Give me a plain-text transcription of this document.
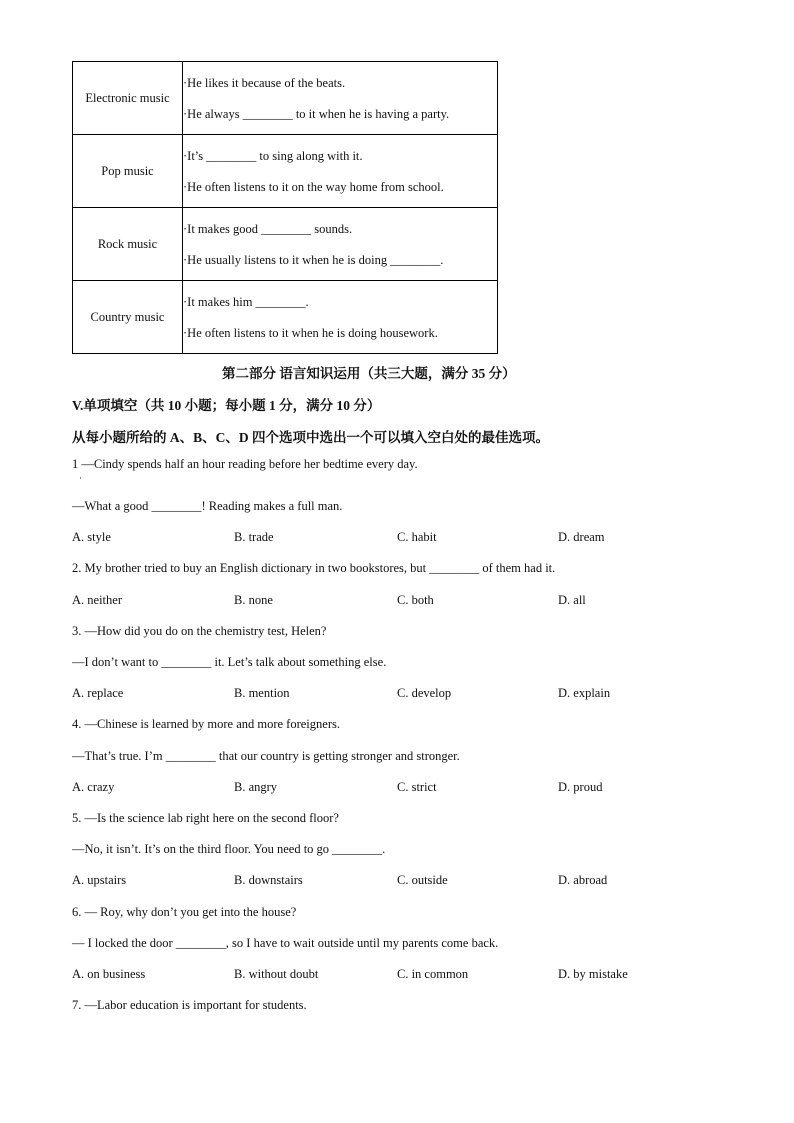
Electronic music	·He likes it because of the beats.
·He always ________ to it when he is having a party.

Pop music	·It’s ________ to sing along with it.
·He often listens to it on the way home from school.

Rock music	·It makes good ________ sounds.
·He usually listens to it when he is doing ________.

Country music	·It makes him ________.
·He often listens to it when he is doing housework.
第二部分 语言知识运用（共三大题，满分 35 分）
V.单项填空（共 10 小题；每小题 1 分，满分 10 分）
从每小题所给的 A、B、C、D 四个选项中选出一个可以填入空白处的最佳选项。
1 —Cindy spends half an hour reading before her bedtime every day.
·
—What a good ________! Reading makes a full man.
A. style	B. trade	C. habit	D. dream
2. My brother tried to buy an English dictionary in two bookstores, but ________ of them had it.
A. neither	B. none	C. both	D. all
3. —How did you do on the chemistry test, Helen?
—I don’t want to ________ it. Let’s talk about something else.
A. replace	B. mention	C. develop	D. explain
4. —Chinese is learned by more and more foreigners.
—That’s true. I’m ________ that our country is getting stronger and stronger.
A. crazy	B. angry	C. strict	D. proud
5. —Is the science lab right here on the second floor?
—No, it isn’t. It’s on the third floor. You need to go ________.
A. upstairs	B. downstairs	C. outside	D. abroad
6. — Roy, why don’t you get into the house?
— I locked the door ________, so I have to wait outside until my parents come back.
A. on business	B. without doubt	C. in common	D. by mistake
7. —Labor education is important for students.
